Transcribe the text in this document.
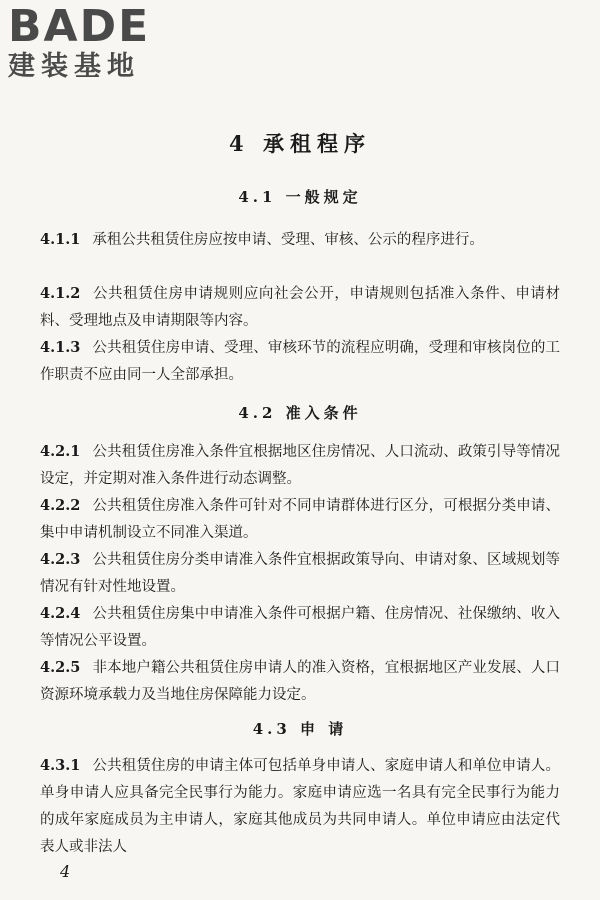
BADE
建装基地
4 承租程序
4.1 一般规定
4.1.1 承租公共租赁住房应按申请、受理、审核、公示的程序进行。
4.1.2 公共租赁住房申请规则应向社会公开，申请规则包括准入条件、申请材料、受理地点及申请期限等内容。
4.1.3 公共租赁住房申请、受理、审核环节的流程应明确，受理和审核岗位的工作职责不应由同一人全部承担。
4.2 准入条件
4.2.1 公共租赁住房准入条件宜根据地区住房情况、人口流动、政策引导等情况设定，并定期对准入条件进行动态调整。
4.2.2 公共租赁住房准入条件可针对不同申请群体进行区分，可根据分类申请、集中申请机制设立不同准入渠道。
4.2.3 公共租赁住房分类申请准入条件宜根据政策导向、申请对象、区域规划等情况有针对性地设置。
4.2.4 公共租赁住房集中申请准入条件可根据户籍、住房情况、社保缴纳、收入等情况公平设置。
4.2.5 非本地户籍公共租赁住房申请人的准入资格，宜根据地区产业发展、人口资源环境承载力及当地住房保障能力设定。
4.3 申 请
4.3.1 公共租赁住房的申请主体可包括单身申请人、家庭申请人和单位申请人。单身申请人应具备完全民事行为能力。家庭申请应选一名具有完全民事行为能力的成年家庭成员为主申请人，家庭其他成员为共同申请人。单位申请应由法定代表人或非法人
4
